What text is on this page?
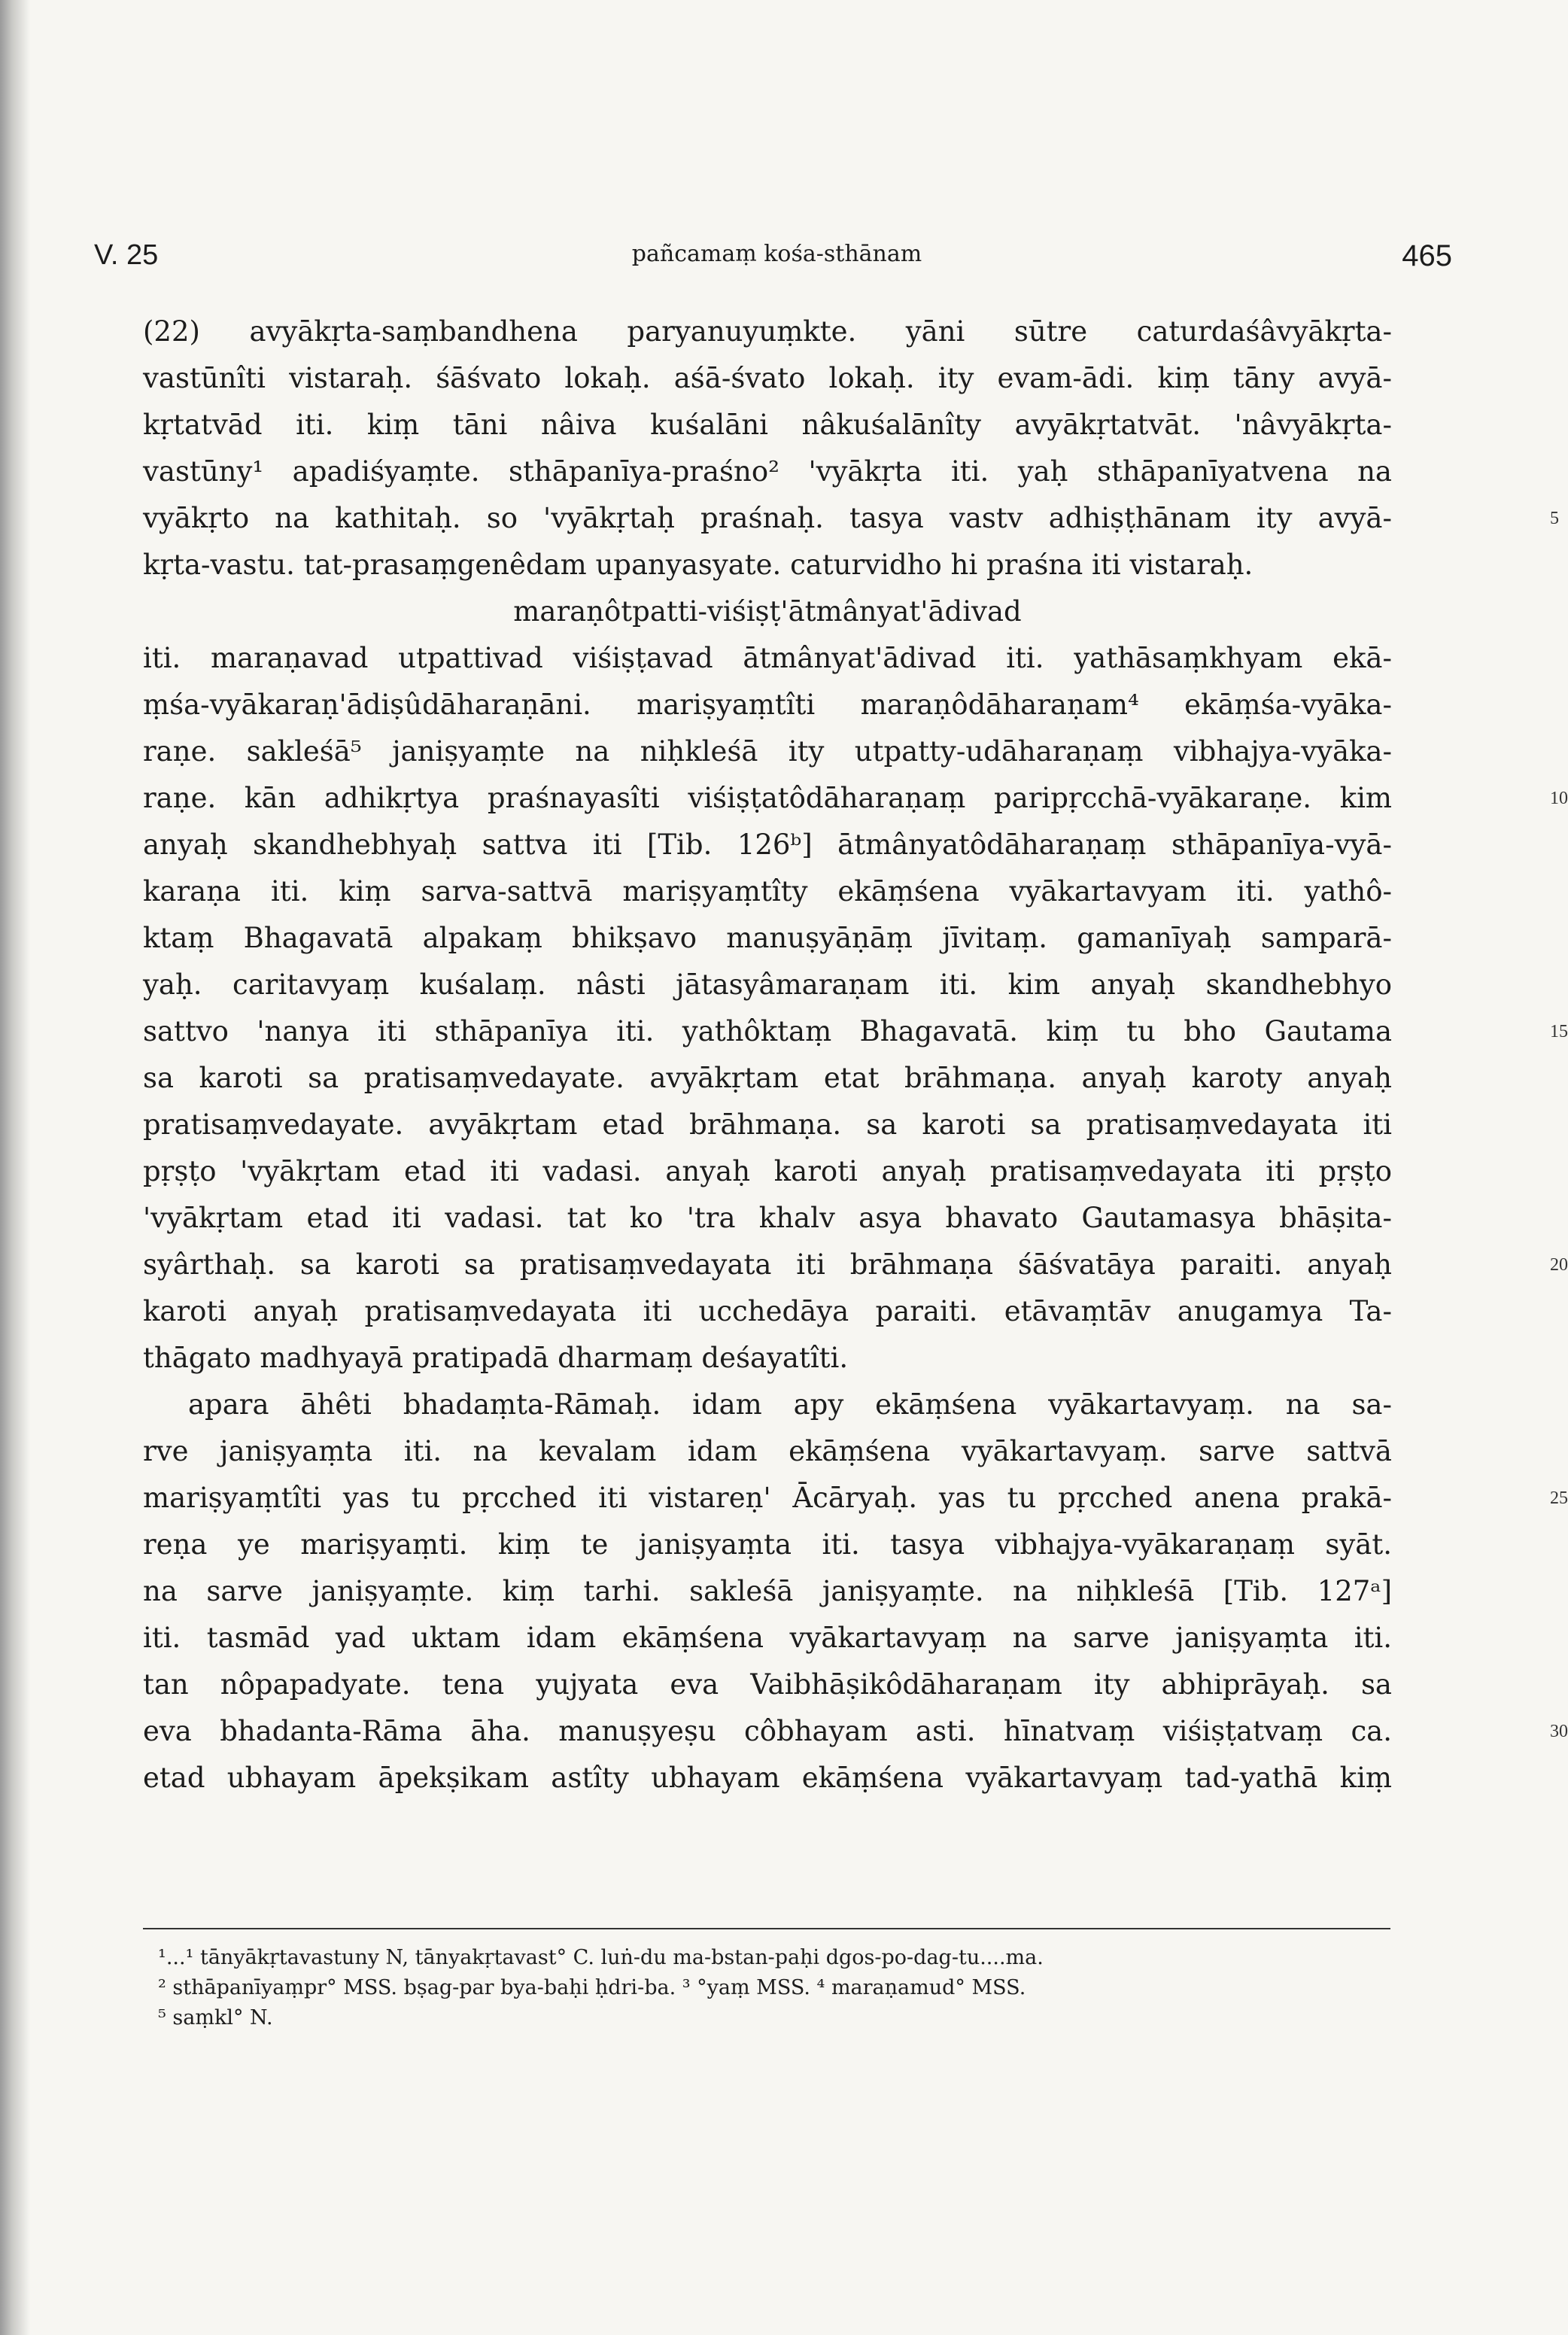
V. 25	pañcamaṃ kośa-sthānam	465
(22) avyākṛta-saṃbandhena paryanuyuṃkte. yāni sūtre caturdaśâvyākṛta-
vastūnîti vistaraḥ. śāśvato lokaḥ. aśā-śvato lokaḥ. ity evam-ādi. kiṃ tāny avyā-
kṛtatvād iti. kiṃ tāni nâiva kuśalāni nâkuśalānîty avyākṛtatvāt. 'nâvyākṛta-
vastūny¹ apadiśyaṃte. sthāpanīya-praśno² 'vyākṛta iti. yaḥ sthāpanīyatvena na
vyākṛto na kathitaḥ. so 'vyākṛtaḥ praśnaḥ. tasya vastv adhiṣṭhānam ity avyā-
kṛta-vastu. tat-prasaṃgenêdam upanyasyate. caturvidho hi praśna iti vistaraḥ.
maraṇôtpatti-viśiṣṭ'ātmânyat'ādivad
iti. maraṇavad utpattivad viśiṣṭavad ātmânyat'ādivad iti. yathāsaṃkhyam ekā-
ṃśa-vyākaraṇ'ādiṣûdāharaṇāni. mariṣyaṃtîti maraṇôdāharaṇam⁴ ekāṃśa-vyāka-
raṇe. sakleśā⁵ janiṣyaṃte na niḥkleśā ity utpatty-udāharaṇaṃ vibhajya-vyāka-
raṇe. kān adhikṛtya praśnayasîti viśiṣṭatôdāharaṇaṃ paripṛcchā-vyākaraṇe. kim
anyaḥ skandhebhyaḥ sattva iti [Tib. 126ᵇ] ātmânyatôdāharaṇaṃ sthāpanīya-vyā-
karaṇa iti. kiṃ sarva-sattvā mariṣyaṃtîty ekāṃśena vyākartavyam iti. yathô-
ktaṃ Bhagavatā alpakaṃ bhikṣavo manuṣyāṇāṃ jīvitaṃ. gamanīyaḥ samparā-
yaḥ. caritavyaṃ kuśalaṃ. nâsti jātasyâmaraṇam iti. kim anyaḥ skandhebhyo
sattvo 'nanya iti sthāpanīya iti. yathôktaṃ Bhagavatā. kiṃ tu bho Gautama
sa karoti sa pratisaṃvedayate. avyākṛtam etat brāhmaṇa. anyaḥ karoty anyaḥ
pratisaṃvedayate. avyākṛtam etad brāhmaṇa. sa karoti sa pratisaṃvedayata iti
pṛṣṭo 'vyākṛtam etad iti vadasi. anyaḥ karoti anyaḥ pratisaṃvedayata iti pṛṣṭo
'vyākṛtam etad iti vadasi. tat ko 'tra khalv asya bhavato Gautamasya bhāṣita-
syârthaḥ. sa karoti sa pratisaṃvedayata iti brāhmaṇa śāśvatāya paraiti. anyaḥ
karoti anyaḥ pratisaṃvedayata iti ucchedāya paraiti. etāvaṃtāv anugamya Ta-
thāgato madhyayā pratipadā dharmaṃ deśayatîti.
apara āhêti bhadaṃta-Rāmaḥ. idam apy ekāṃśena vyākartavyaṃ. na sa-
rve janiṣyaṃta iti. na kevalam idam ekāṃśena vyākartavyaṃ. sarve sattvā
mariṣyaṃtîti yas tu pṛcched iti vistareṇ' Ācāryaḥ. yas tu pṛcched anena prakā-
reṇa ye mariṣyaṃti. kiṃ te janiṣyaṃta iti. tasya vibhajya-vyākaraṇaṃ syāt.
na sarve janiṣyaṃte. kiṃ tarhi. sakleśā janiṣyaṃte. na niḥkleśā [Tib. 127ᵃ]
iti. tasmād yad uktam idam ekāṃśena vyākartavyaṃ na sarve janiṣyaṃta iti.
tan nôpapadyate. tena yujyata eva Vaibhāṣikôdāharaṇam ity abhiprāyaḥ. sa
eva bhadanta-Rāma āha. manuṣyeṣu côbhayam asti. hīnatvaṃ viśiṣṭatvaṃ ca.
etad ubhayam āpekṣikam astîty ubhayam ekāṃśena vyākartavyaṃ tad-yathā kiṃ
5
10
15
20
25
30
¹...¹ tānyākṛtavastuny N, tānyakṛtavast° C. luṅ-du ma-bstan-paḥi dgos-po-dag-tu....ma.
² sthāpanīyaṃpr° MSS. bṣag-par bya-baḥi ḥdri-ba. ³ °yaṃ MSS. ⁴ maraṇamud° MSS.
⁵ saṃkl° N.
